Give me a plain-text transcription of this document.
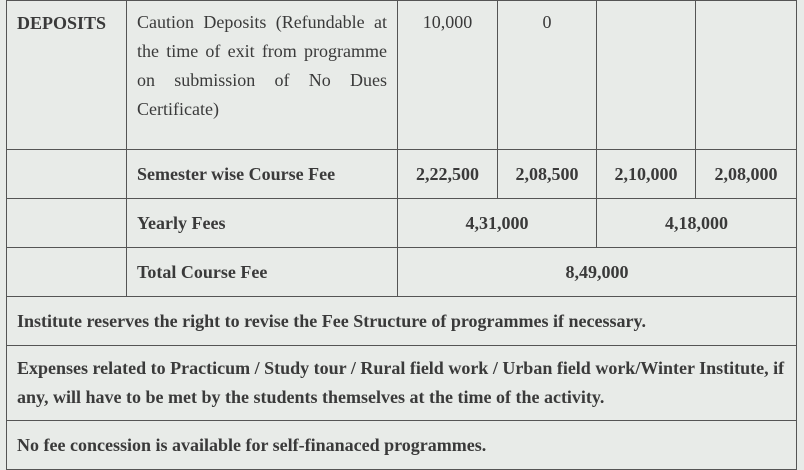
DEPOSITS	Caution Deposits (Refundable at the time of exit from programme on submission of No Dues Certificate)	10,000	0		
	Semester wise Course Fee	2,22,500	2,08,500	2,10,000	2,08,000
	Yearly Fees	4,31,000		4,18,000	
	Total Course Fee	8,49,000			
Institute reserves the right to revise the Fee Structure of programmes if necessary.					
Expenses related to Practicum / Study tour / Rural field work / Urban field work/Winter Institute, if any, will have to be met by the students themselves at the time of the activity.					
No fee concession is available for self-finanaced programmes.					
